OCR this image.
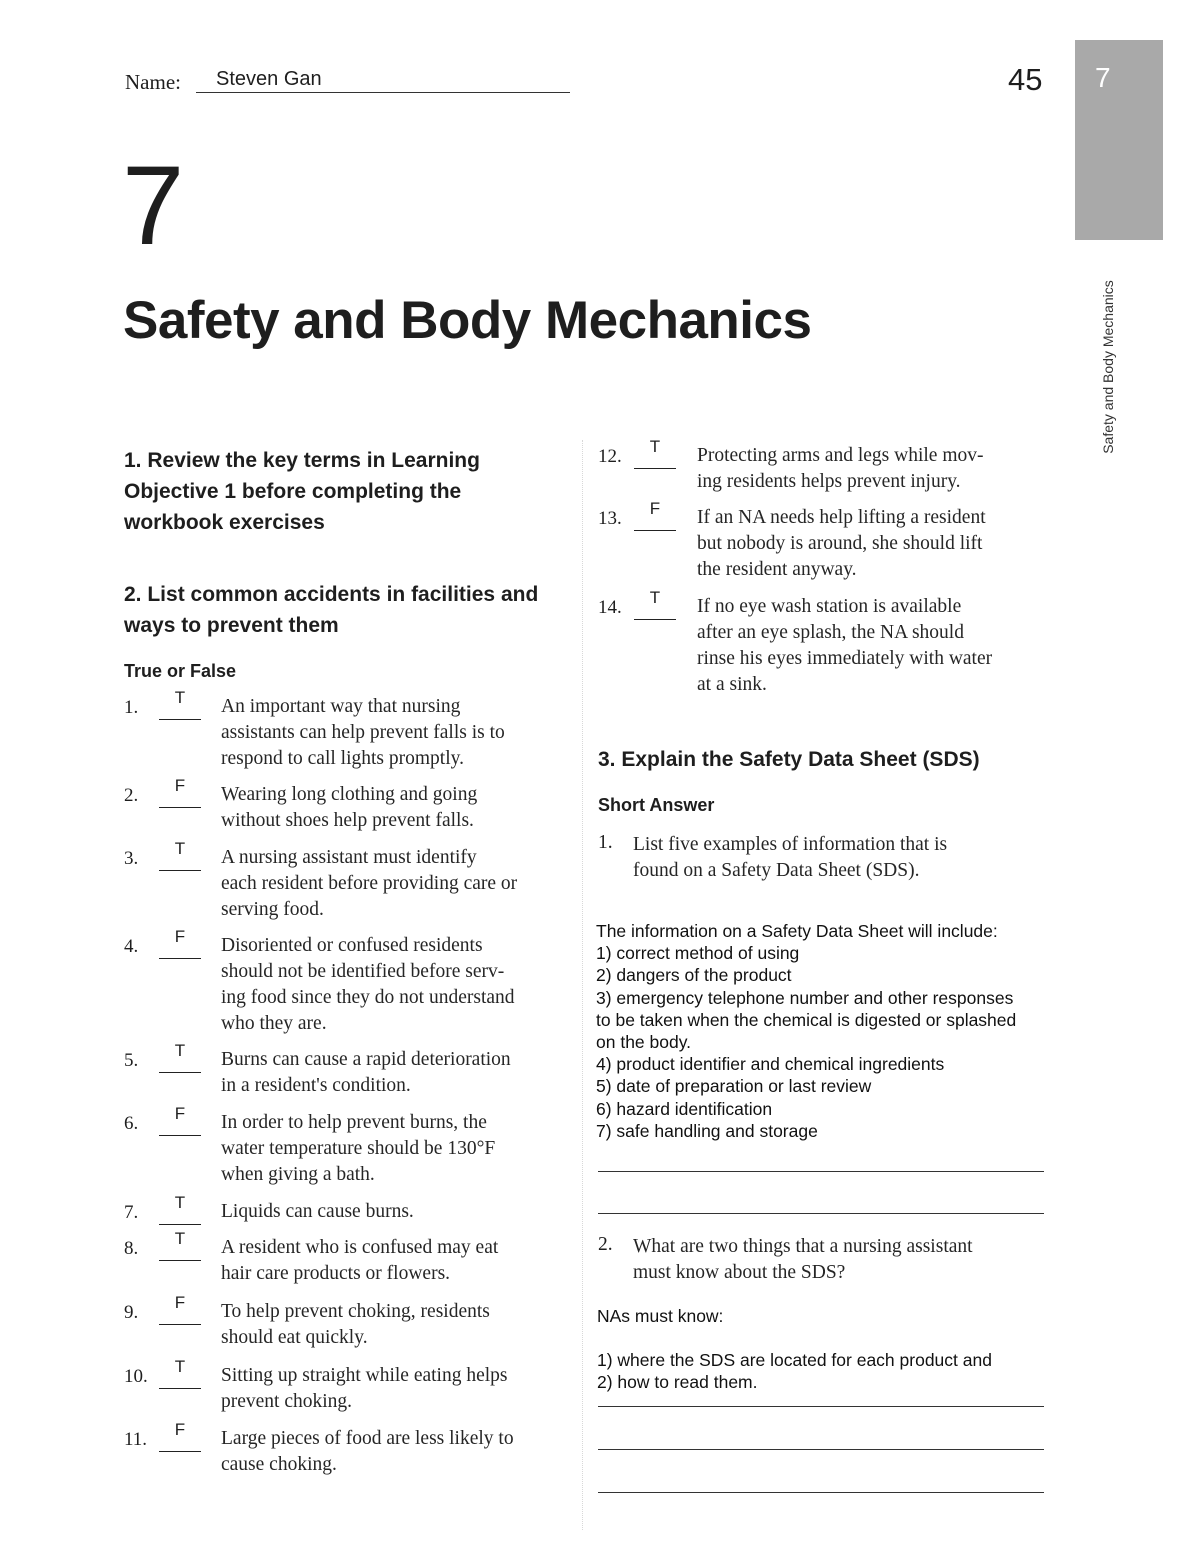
Name: Steven Gan	45 7
Safety and Body Mechanics
7
Safety and Body Mechanics
1. Review the key terms in Learning
Objective 1 before completing the
workbook exercises
2. List common accidents in facilities and
ways to prevent them
True or False
1.	T	An important way that nursing
assistants can help prevent falls is to
respond to call lights promptly.
2.	F	Wearing long clothing and going
without shoes help prevent falls.
3.	T	A nursing assistant must identify
each resident before providing care or
serving food.
4.	F	Disoriented or confused residents
should not be identified before serv-
ing food since they do not understand
who they are.
5.	T	Burns can cause a rapid deterioration
in a resident's condition.
6.	F	In order to help prevent burns, the
water temperature should be 130°F
when giving a bath.
7.	T	Liquids can cause burns.
8.	T	A resident who is confused may eat
hair care products or flowers.
9.	F	To help prevent choking, residents
should eat quickly.
10.	T	Sitting up straight while eating helps
prevent choking.
11.	F	Large pieces of food are less likely to
cause choking.
12.	T	Protecting arms and legs while mov-
ing residents helps prevent injury.
13.	F	If an NA needs help lifting a resident
but nobody is around, she should lift
the resident anyway.
14.	T	If no eye wash station is available
after an eye splash, the NA should
rinse his eyes immediately with water
at a sink.
3. Explain the Safety Data Sheet (SDS)
Short Answer
1. List five examples of information that is
found on a Safety Data Sheet (SDS).
The information on a Safety Data Sheet will include:
1) correct method of using
2) dangers of the product
3) emergency telephone number and other responses
to be taken when the chemical is digested or splashed
on the body.
4) product identifier and chemical ingredients
5) date of preparation or last review
6) hazard identification
7) safe handling and storage
2. What are two things that a nursing assistant
must know about the SDS?
NAs must know:
1) where the SDS are located for each product and
2) how to read them.
